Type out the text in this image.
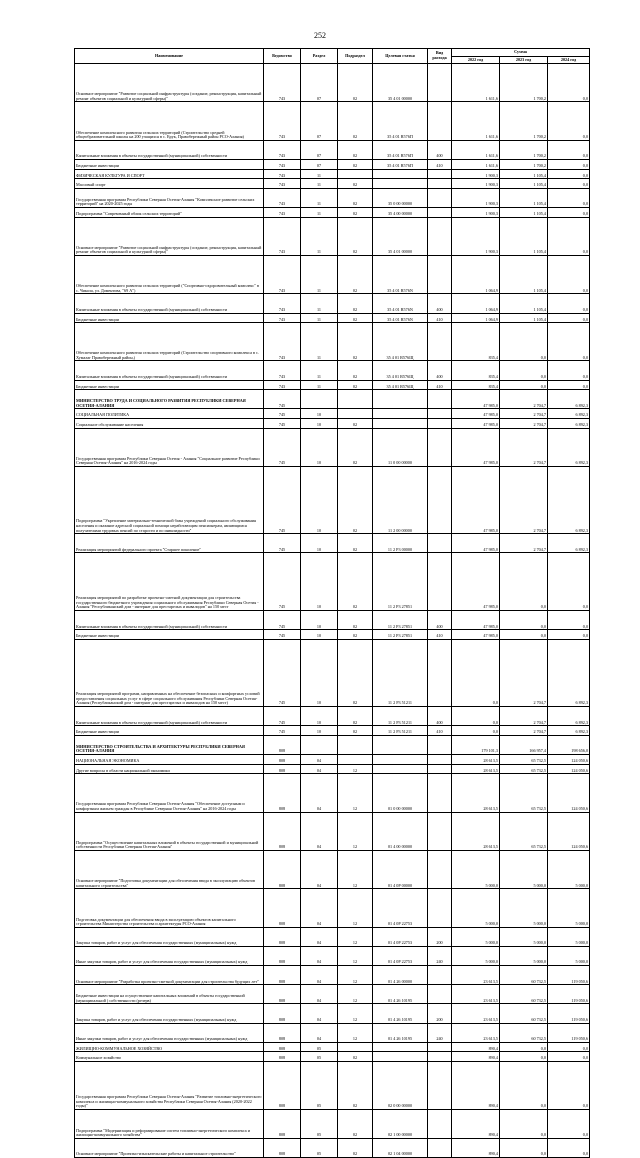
252
Наименование	Ведомство	Раздел	Подраздел	Целевая статья	Вид расхода	Сумма		
						2022 год	2023 год	2024 год
Основное мероприятие "Развитие социальной инфраструктуры (создание, реконструкция, капитальный ремонт объектов социальной и культурной сферы)"	743	07	02	35 4 01 00000		1 611,6	1 700,2	0,0
Обеспечение комплексного развития сельских территорий (Строительство средней общеобразовательной школы на 200 учащихся в с. Ерук, Правобережный район РСО-Алания)	743	07	02	35 4 01 R576П		1 611,6	1 700,2	0,0
Капитальные вложения в объекты государственной (муниципальной) собственности	743	07	02	35 4 01 R576П	400	1 611,6	1 700,2	0,0
Бюджетные инвестиции	743	07	02	35 4 01 R576П	410	1 611,6	1 700,2	0,0
ФИЗИЧЕСКАЯ КУЛЬТУРА И СПОРТ	743	11				1 900,3	1 105,4	0,0
Массовый спорт	743	11	02			1 900,3	1 105,4	0,0
Государственная программа Республики Северная Осетия-Алания "Комплексное развитие сельских территорий" на 2020-2025 годы	743	11	02	35 0 00 00000		1 900,3	1 105,4	0,0
Подпрограмма "Современный облик сельских территорий"	743	11	02	35 4 00 00000		1 900,3	1 105,4	0,0
Основное мероприятие "Развитие социальной инфраструктуры (создание, реконструкция, капитальный ремонт объектов социальной и культурной сферы)"	743	11	02	35 4 01 00000		1 900,3	1 105,4	0,0
Обеспечение комплексного развития сельских территорий ("Спортивно-оздоровительный комплекс" в с. Чикола, ул. Доментова, "69 А")	743	11	02	35 4 01 R576N		1 064,9	1 105,4	0,0
Капитальные вложения в объекты государственной (муниципальной) собственности	743	11	02	35 4 01 R576N	400	1 064,9	1 105,4	0,0
Бюджетные инвестиции	743	11	02	35 4 01 R576N	410	1 064,9	1 105,4	0,0
Обеспечение комплексного развития сельских территорий (Строительство спортивного комплекса в с. Хумалаг Правобережный район,)	743	11	02	35 4 01 R576Щ		835,4	0,0	0,0
Капитальные вложения в объекты государственной (муниципальной) собственности	743	11	02	35 4 01 R576Щ	400	835,4	0,0	0,0
Бюджетные инвестиции	743	11	02	35 4 01 R576Щ	410	835,4	0,0	0,0
МИНИСТЕРСТВО ТРУДА И СОЦИАЛЬНОГО РАЗВИТИЯ РЕСПУБЛИКИ СЕВЕРНАЯ ОСЕТИЯ-АЛАНИЯ	745					47 985,0	2 704,7	6 892,3
СОЦИАЛЬНАЯ ПОЛИТИКА	745	10				47 985,0	2 704,7	6 892,3
Социальное обслуживание населения	745	10	02			47 985,0	2 704,7	6 892,3
Государственная программа Республики Северная Осетия - Алания "Социальное развитие Республики Северная Осетия-Алания" на 2016-2024 годы	745	10	02	11 0 00 00000		47 985,0	2 704,7	6 892,3
Подпрограмма "Укрепление материально-технической базы учреждений социального обслуживания населения и оказание адресной социальной помощи неработающим пенсионерам, являющимся получателями трудовых пенсий по старости и по инвалидности"	745	10	02	11 2 00 00000		47 985,0	2 704,7	6 892,3
Реализация мероприятий федерального проекта "Старшее поколение"	745	10	02	11 2 P3 00000		47 985,0	2 704,7	6 892,3
Реализация мероприятий по разработке проектно-сметной документации для строительства государственного бюджетного учреждения социального обслуживания Республики Северная Осетия - Алания "Республиканский дом - интернат для престарелых и инвалидов" на 150 мест	745	10	02	11 2 P3 27851		47 985,0	0,0	0,0
Капитальные вложения в объекты государственной (муниципальной) собственности	745	10	02	11 2 P3 27851	400	47 985,0	0,0	0,0
Бюджетные инвестиции	745	10	02	11 2 P3 27851	410	47 985,0	0,0	0,0
Реализация мероприятий программ, направленных на обеспечение безопасных и комфортных условий предоставления социальных услуг в сфере социального обслуживания Республики Северная Осетия-Алания (Республиканский дом - интернат для престарелых и инвалидов на 150 мест)	745	10	02	11 2 P3 51211		0,0	2 704,7	6 892,3
Капитальные вложения в объекты государственной (муниципальной) собственности	745	10	02	11 2 P3 51211	400	0,0	2 704,7	6 892,3
Бюджетные инвестиции	745	10	02	11 2 P3 51211	410	0,0	2 704,7	6 892,3
МИНИСТЕРСТВО СТРОИТЕЛЬСТВА И АРХИТЕКТУРЫ РЕСПУБЛИКИ СЕВЕРНАЯ ОСЕТИЯ-АЛАНИЯ	808					179 101,3	166 957,4	198 656,0
НАЦИОНАЛЬНАЯ ЭКОНОМИКА	808	04				28 613,5	65 732,5	124 050,6
Другие вопросы в области национальной экономики	808	04	12			28 613,5	65 732,5	124 050,6
Государственная программа Республики Северная Осетия-Алания "Обеспечение доступным и комфортным жильем граждан в Республике Северная Осетия-Алания" на 2016-2024 годы	808	04	12	01 0 00 00000		28 613,5	65 732,5	124 050,6
Подпрограмма "Осуществление капитальных вложений в объекты государственной и муниципальной собственности Республики Северная Осетия-Алания"	808	04	12	01 4 00 00000		28 613,5	65 732,5	124 050,6
Основное мероприятие "Подготовка документации для обеспечения ввода в эксплуатацию объектов капитального строительства"	808	04	12	01 4 0P 00000		5 000,0	5 000,0	5 000,0
Подготовка документации для обеспечения ввода в эксплуатацию объектов капитального строительства Министерства строительства и архитектуры РСО-Алания	808	04	12	01 4 0P 22753		5 000,0	5 000,0	5 000,0
Закупка товаров, работ и услуг для обеспечения государственных (муниципальных) нужд	808	04	12	01 4 0P 22753	200	5 000,0	5 000,0	5 000,0
Иные закупки товаров, работ и услуг для обеспечения государственных (муниципальных) нужд	808	04	12	01 4 0P 22753	240	5 000,0	5 000,0	5 000,0
Основное мероприятие "Разработка проектно-сметной документации для строительства будущих лет"	808	04	12	01 4 26 00000		23 613,5	60 732,5	119 050,6
Бюджетные инвестиции на осуществление капитальных вложений в объекты государственной (муниципальной ) собственности (резерв)	808	04	12	01 4 26 10195		23 613,5	60 732,5	119 050,6
Закупка товаров, работ и услуг для обеспечения государственных (муниципальных) нужд	808	04	12	01 4 26 10195	200	23 613,5	60 732,5	119 050,6
Иные закупки товаров, работ и услуг для обеспечения государственных (муниципальных) нужд	808	04	12	01 4 26 10195	240	23 613,5	60 732,5	119 050,6
ЖИЛИЩНО-КОММУНАЛЬНОЕ ХОЗЯЙСТВО	808	05				890,4	0,0	0,0
Коммунальное хозяйство	808	05	02			890,4	0,0	0,0
Государственная программа Республики Северная Осетия-Алания "Развитие топливно-энергетического комплекса и жилищно-коммунального хозяйства Республики Северная Осетия-Алания (2020-2022 годы)"	808	05	02	02 0 00 00000		890,4	0,0	0,0
Подпрограмма "Модернизация и реформирование систем топливно-энергетического комплекса и жилищно-коммунального хозяйства"	808	05	02	02 1 00 00000		890,4	0,0	0,0
Основное мероприятие "Проектно-изыскательские работы и капитальное строительство"	808	05	02	02 1 04 00000		890,4	0,0	0,0
